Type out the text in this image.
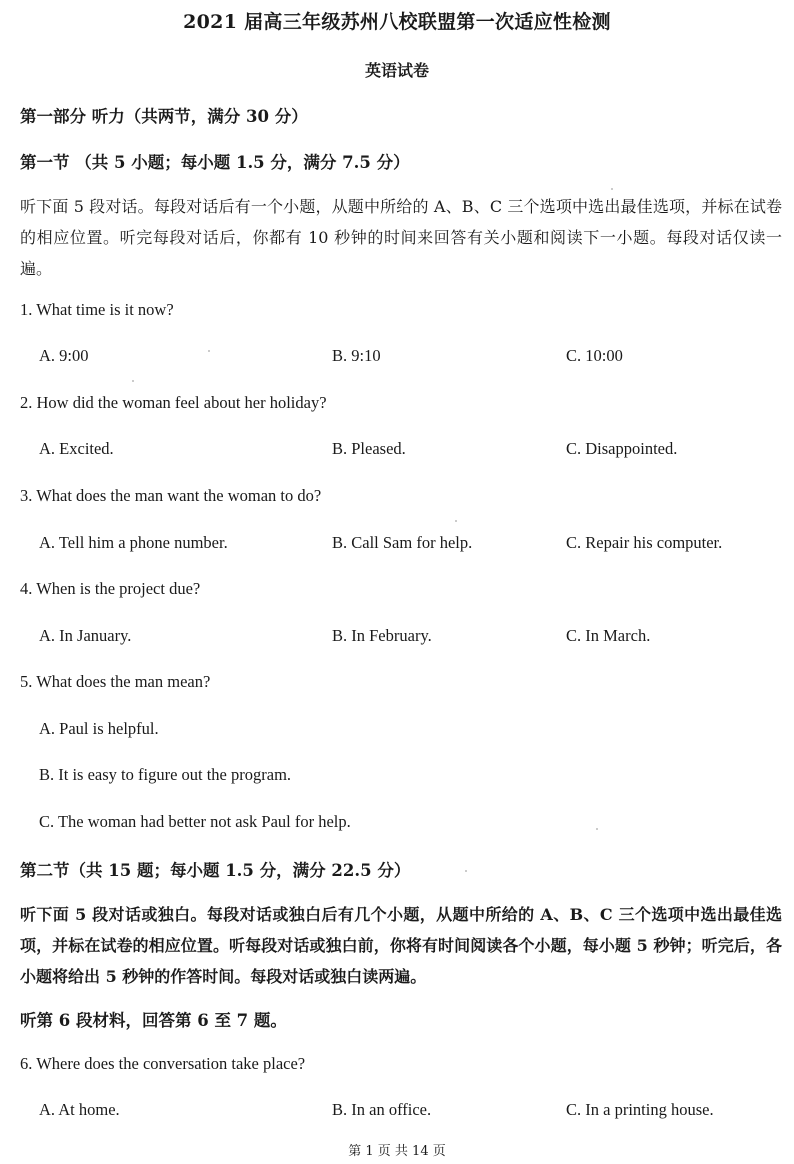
2021 届高三年级苏州八校联盟第一次适应性检测
英语试卷
第一部分 听力（共两节，满分 30 分）
第一节 （共 5 小题；每小题 1.5 分，满分 7.5 分）
听下面 5 段对话。每段对话后有一个小题，从题中所给的 A、B、C 三个选项中选出最佳选项，并标在试卷的相应位置。听完每段对话后，你都有 10 秒钟的时间来回答有关小题和阅读下一小题。每段对话仅读一遍。
1. What time is it now?
A. 9:00	B. 9:10	C. 10:00
2. How did the woman feel about her holiday?
A. Excited.	B. Pleased.	C. Disappointed.
3. What does the man want the woman to do?
A. Tell him a phone number.	B. Call Sam for help.	C. Repair his computer.
4. When is the project due?
A. In January.	B. In February.	C. In March.
5. What does the man mean?
A. Paul is helpful.
B. It is easy to figure out the program.
C. The woman had better not ask Paul for help.
第二节（共 15 题；每小题 1.5 分，满分 22.5 分）
听下面 5 段对话或独白。每段对话或独白后有几个小题，从题中所给的 A、B、C 三个选项中选出最佳选项，并标在试卷的相应位置。听每段对话或独白前，你将有时间阅读各个小题，每小题 5 秒钟；听完后，各小题将给出 5 秒钟的作答时间。每段对话或独白读两遍。
听第 6 段材料，回答第 6 至 7 题。
6. Where does the conversation take place?
A. At home.	B. In an office.	C. In a printing house.
第 1 页 共 14 页
